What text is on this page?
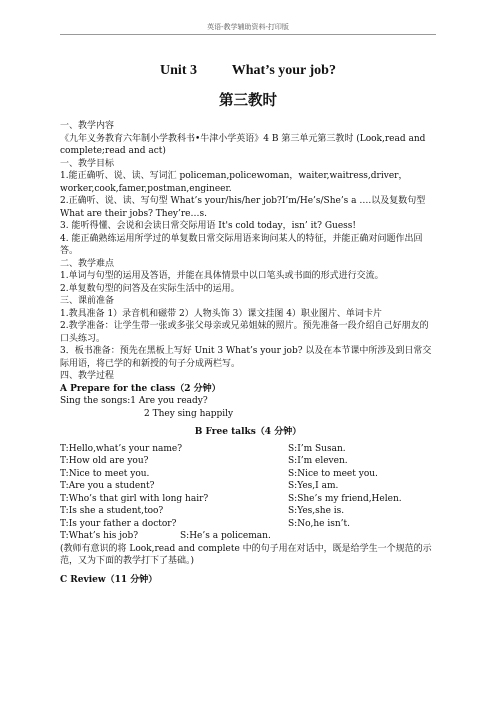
英语-教学辅助资料-打印版
Unit 3          What’s your job?
第三教时

一、教学内容

《九年义务教育六年制小学教科书•牛津小学英语》4 B 第三单元第三教时 (Look,read and complete;read and act)

一、教学目标

1.能正确听、说、读、写词汇 policeman,policewoman，waiter,waitress,driver，worker,cook,famer,postman,engineer.

2.正确听、说、读、写句型 What’s your/his/her job?I’m/He’s/She’s a ….以及复数句型 What are their jobs? They’re…s.

3. 能听得懂、会说和会读日常交际用语 It's cold today，isn’ it? Guess!

4. 能正确熟练运用所学过的单复数日常交际用语来询问某人的特征，并能正确对问题作出回答。

二、教学难点

1.单词与句型的运用及答语，并能在具体情景中以口笔头或书面的形式进行交流。

2.单复数句型的问答及在实际生活中的运用。

三、课前准备

1.教具准备 1）录音机和磁带 2）人物头饰 3）课文挂图 4）职业图片、单词卡片

2.教学准备：让学生带一张或多张父母亲或兄弟姐妹的照片。预先准备一段介绍自己好朋友的口头练习。

3．板书准备：预先在黑板上写好 Unit 3 What’s your job? 以及在本节课中所涉及到日常交际用语，将已学的和新授的句子分成两栏写。

四、教学过程

A Prepare for the class（2 分钟）

Sing the songs:1 Are you ready?

2 They sing happily

B Free talks（4 分钟）

T:Hello,what’s your name?	S:I’m Susan.
T:How old are you?	S:I’m eleven.
T:Nice to meet you.	S:Nice to meet you.
T:Are you a student?	S:Yes,I am.
T:Who’s that girl with long hair?	S:She’s my friend,Helen.
T:Is she a student,too?	S:Yes,she is.
T:Is your father a doctor?	S:No,he isn’t.
T:What’s his job?	S:He’s a policeman.

(教师有意识的将 Look,read and complete 中的句子用在对话中，既是给学生一个规范的示范，又为下面的教学打下了基础。)

C Review（11 分钟）
